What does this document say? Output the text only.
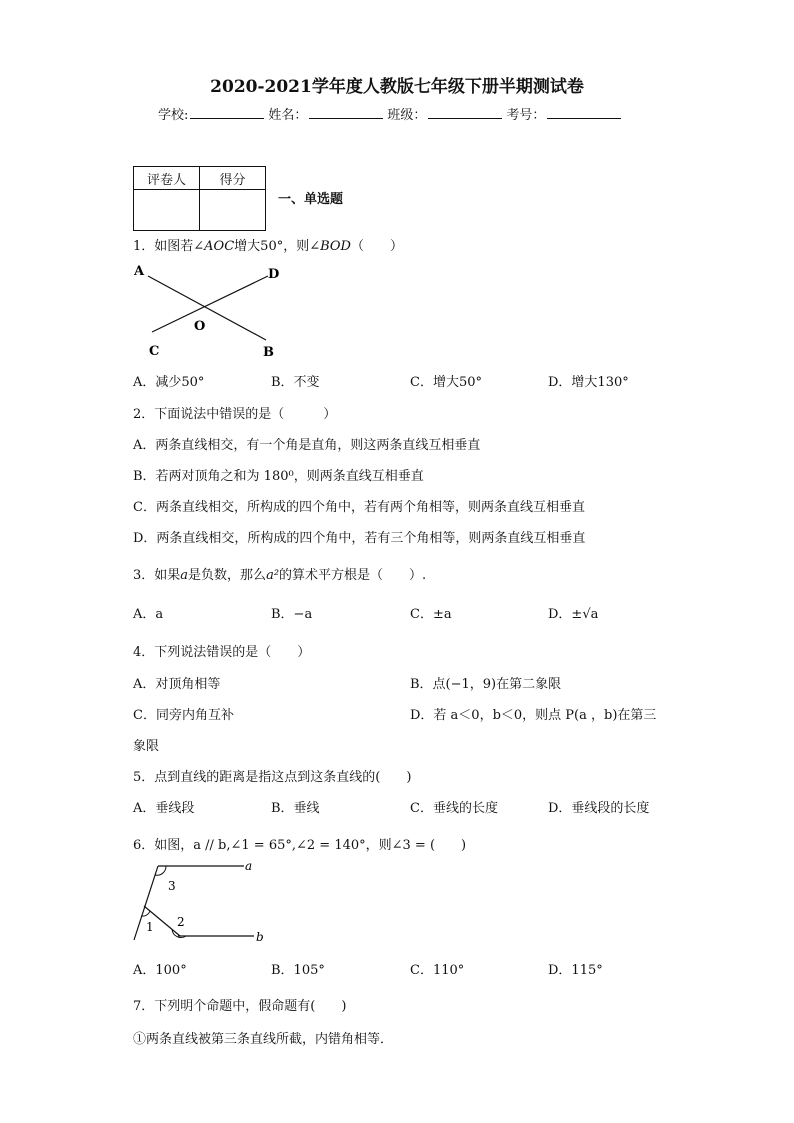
2020-2021学年度人教版七年级下册半期测试卷
学校:	姓名：	班级：	考号：
评卷人	得分

一、单选题
1．如图若∠AOC增大50°，则∠BOD（　　）
A	D
O
C	B
A．减少50°	B．不变	C．增大50°	D．增大130°
2．下面说法中错误的是（　　　）
A．两条直线相交，有一个角是直角，则这两条直线互相垂直
B．若两对顶角之和为 180⁰，则两条直线互相垂直
C．两条直线相交，所构成的四个角中，若有两个角相等，则两条直线互相垂直
D．两条直线相交，所构成的四个角中，若有三个角相等，则两条直线互相垂直
3．如果a是负数，那么a²的算术平方根是（　　）.
A．a	B．−a	C．±a	D．±√a
4．下列说法错误的是（　　）
A．对顶角相等	B．点(−1，9)在第二象限
C．同旁内角互补	D．若 a＜0，b＜0，则点 P(a ，b)在第三
象限
5．点到直线的距离是指这点到这条直线的(　　)
A．垂线段	B．垂线	C．垂线的长度	D．垂线段的长度
6．如图，a // b,∠1 = 65°,∠2 = 140°，则∠3 = (　　)
a
b
3
1 2
A．100°	B．105°	C．110°	D．115°
7．下列明个命题中，假命题有(　　)
①两条直线被第三条直线所截，内错角相等．
